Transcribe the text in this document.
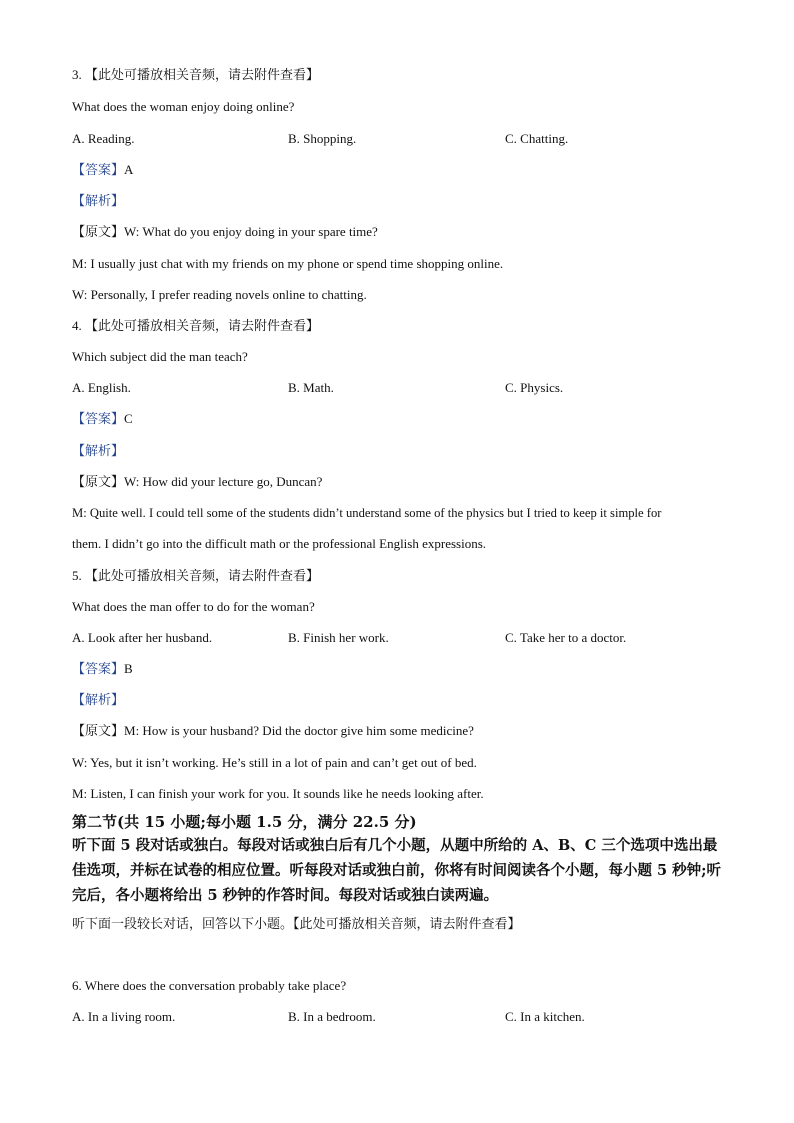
3. 【此处可播放相关音频，请去附件查看】
What does the woman enjoy doing online?
A. Reading.	B. Shopping.	C. Chatting.
【答案】A
【解析】
【原文】W: What do you enjoy doing in your spare time?
M: I usually just chat with my friends on my phone or spend time shopping online.
W: Personally, I prefer reading novels online to chatting.
4. 【此处可播放相关音频，请去附件查看】
Which subject did the man teach?
A. English.	B. Math.	C. Physics.
【答案】C
【解析】
【原文】W: How did your lecture go, Duncan?
M: Quite well. I could tell some of the students didn’t understand some of the physics but I tried to keep it simple for
them. I didn’t go into the difficult math or the professional English expressions.
5. 【此处可播放相关音频，请去附件查看】
What does the man offer to do for the woman?
A. Look after her husband.	B. Finish her work.	C. Take her to a doctor.
【答案】B
【解析】
【原文】M: How is your husband? Did the doctor give him some medicine?
W: Yes, but it isn’t working. He’s still in a lot of pain and can’t get out of bed.
M: Listen, I can finish your work for you. It sounds like he needs looking after.
第二节(共 15 小题;每小题 1.5 分，满分 22.5 分)
听下面 5 段对话或独白。每段对话或独白后有几个小题，从题中所给的 A、B、C 三个选项中选出最佳选项，并标在试卷的相应位置。听每段对话或独白前，你将有时间阅读各个小题，每小题 5 秒钟;听完后，各小题将给出 5 秒钟的作答时间。每段对话或独白读两遍。
听下面一段较长对话，回答以下小题。【此处可播放相关音频，请去附件查看】
6. Where does the conversation probably take place?
A. In a living room.	B. In a bedroom.	C. In a kitchen.
